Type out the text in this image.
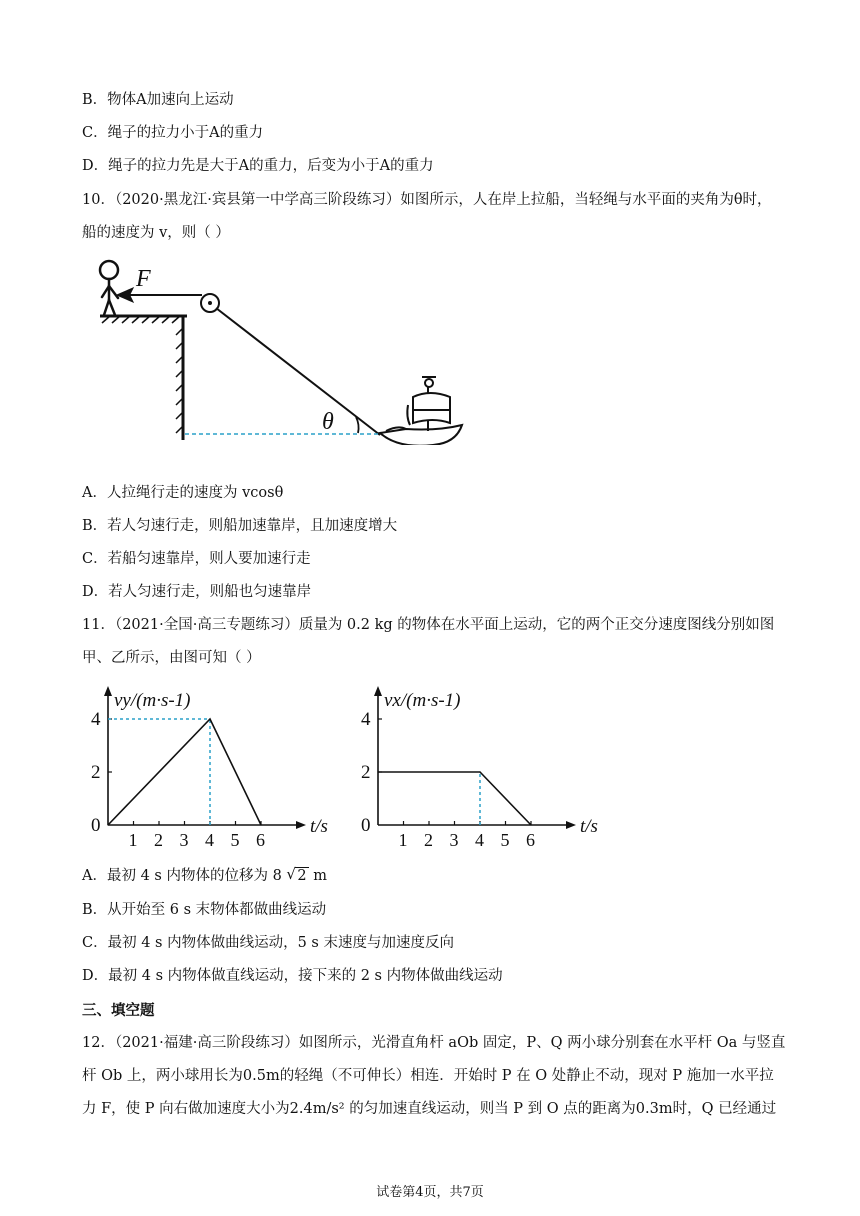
B．物体A加速向上运动
C．绳子的拉力小于A的重力
D．绳子的拉力先是大于A的重力，后变为小于A的重力
10．（2020·黑龙江·宾县第一中学高三阶段练习）如图所示，人在岸上拉船，当轻绳与水平面的夹角为θ时，
船的速度为 v，则（ ）
F
θ
A．人拉绳行走的速度为 vcosθ
B．若人匀速行走，则船加速靠岸，且加速度增大
C．若船匀速靠岸，则人要加速行走
D．若人匀速行走，则船也匀速靠岸
11．（2021·全国·高三专题练习）质量为 0.2 kg 的物体在水平面上运动，它的两个正交分速度图线分别如图
甲、乙所示，由图可知（ ）
0
1 2 3 4 5 6
2
4
t/s
vy/(m·s-1)
0
1 2 3 4 5 6
2
4
t/s
vx/(m·s-1)
A．最初 4 s 内物体的位移为 8 √ 2 m
B．从开始至 6 s 末物体都做曲线运动
C．最初 4 s 内物体做曲线运动，5 s 末速度与加速度反向
D．最初 4 s 内物体做直线运动，接下来的 2 s 内物体做曲线运动
三、填空题
12．（2021·福建·高三阶段练习）如图所示，光滑直角杆 aOb 固定，P、Q 两小球分别套在水平杆 Oa 与竖直
杆 Ob 上，两小球用长为0.5m的轻绳（不可伸长）相连．开始时 P 在 O 处静止不动，现对 P 施加一水平拉
力 F，使 P 向右做加速度大小为2.4m/s² 的匀加速直线运动，则当 P 到 O 点的距离为0.3m时，Q 已经通过
试卷第4页，共7页
